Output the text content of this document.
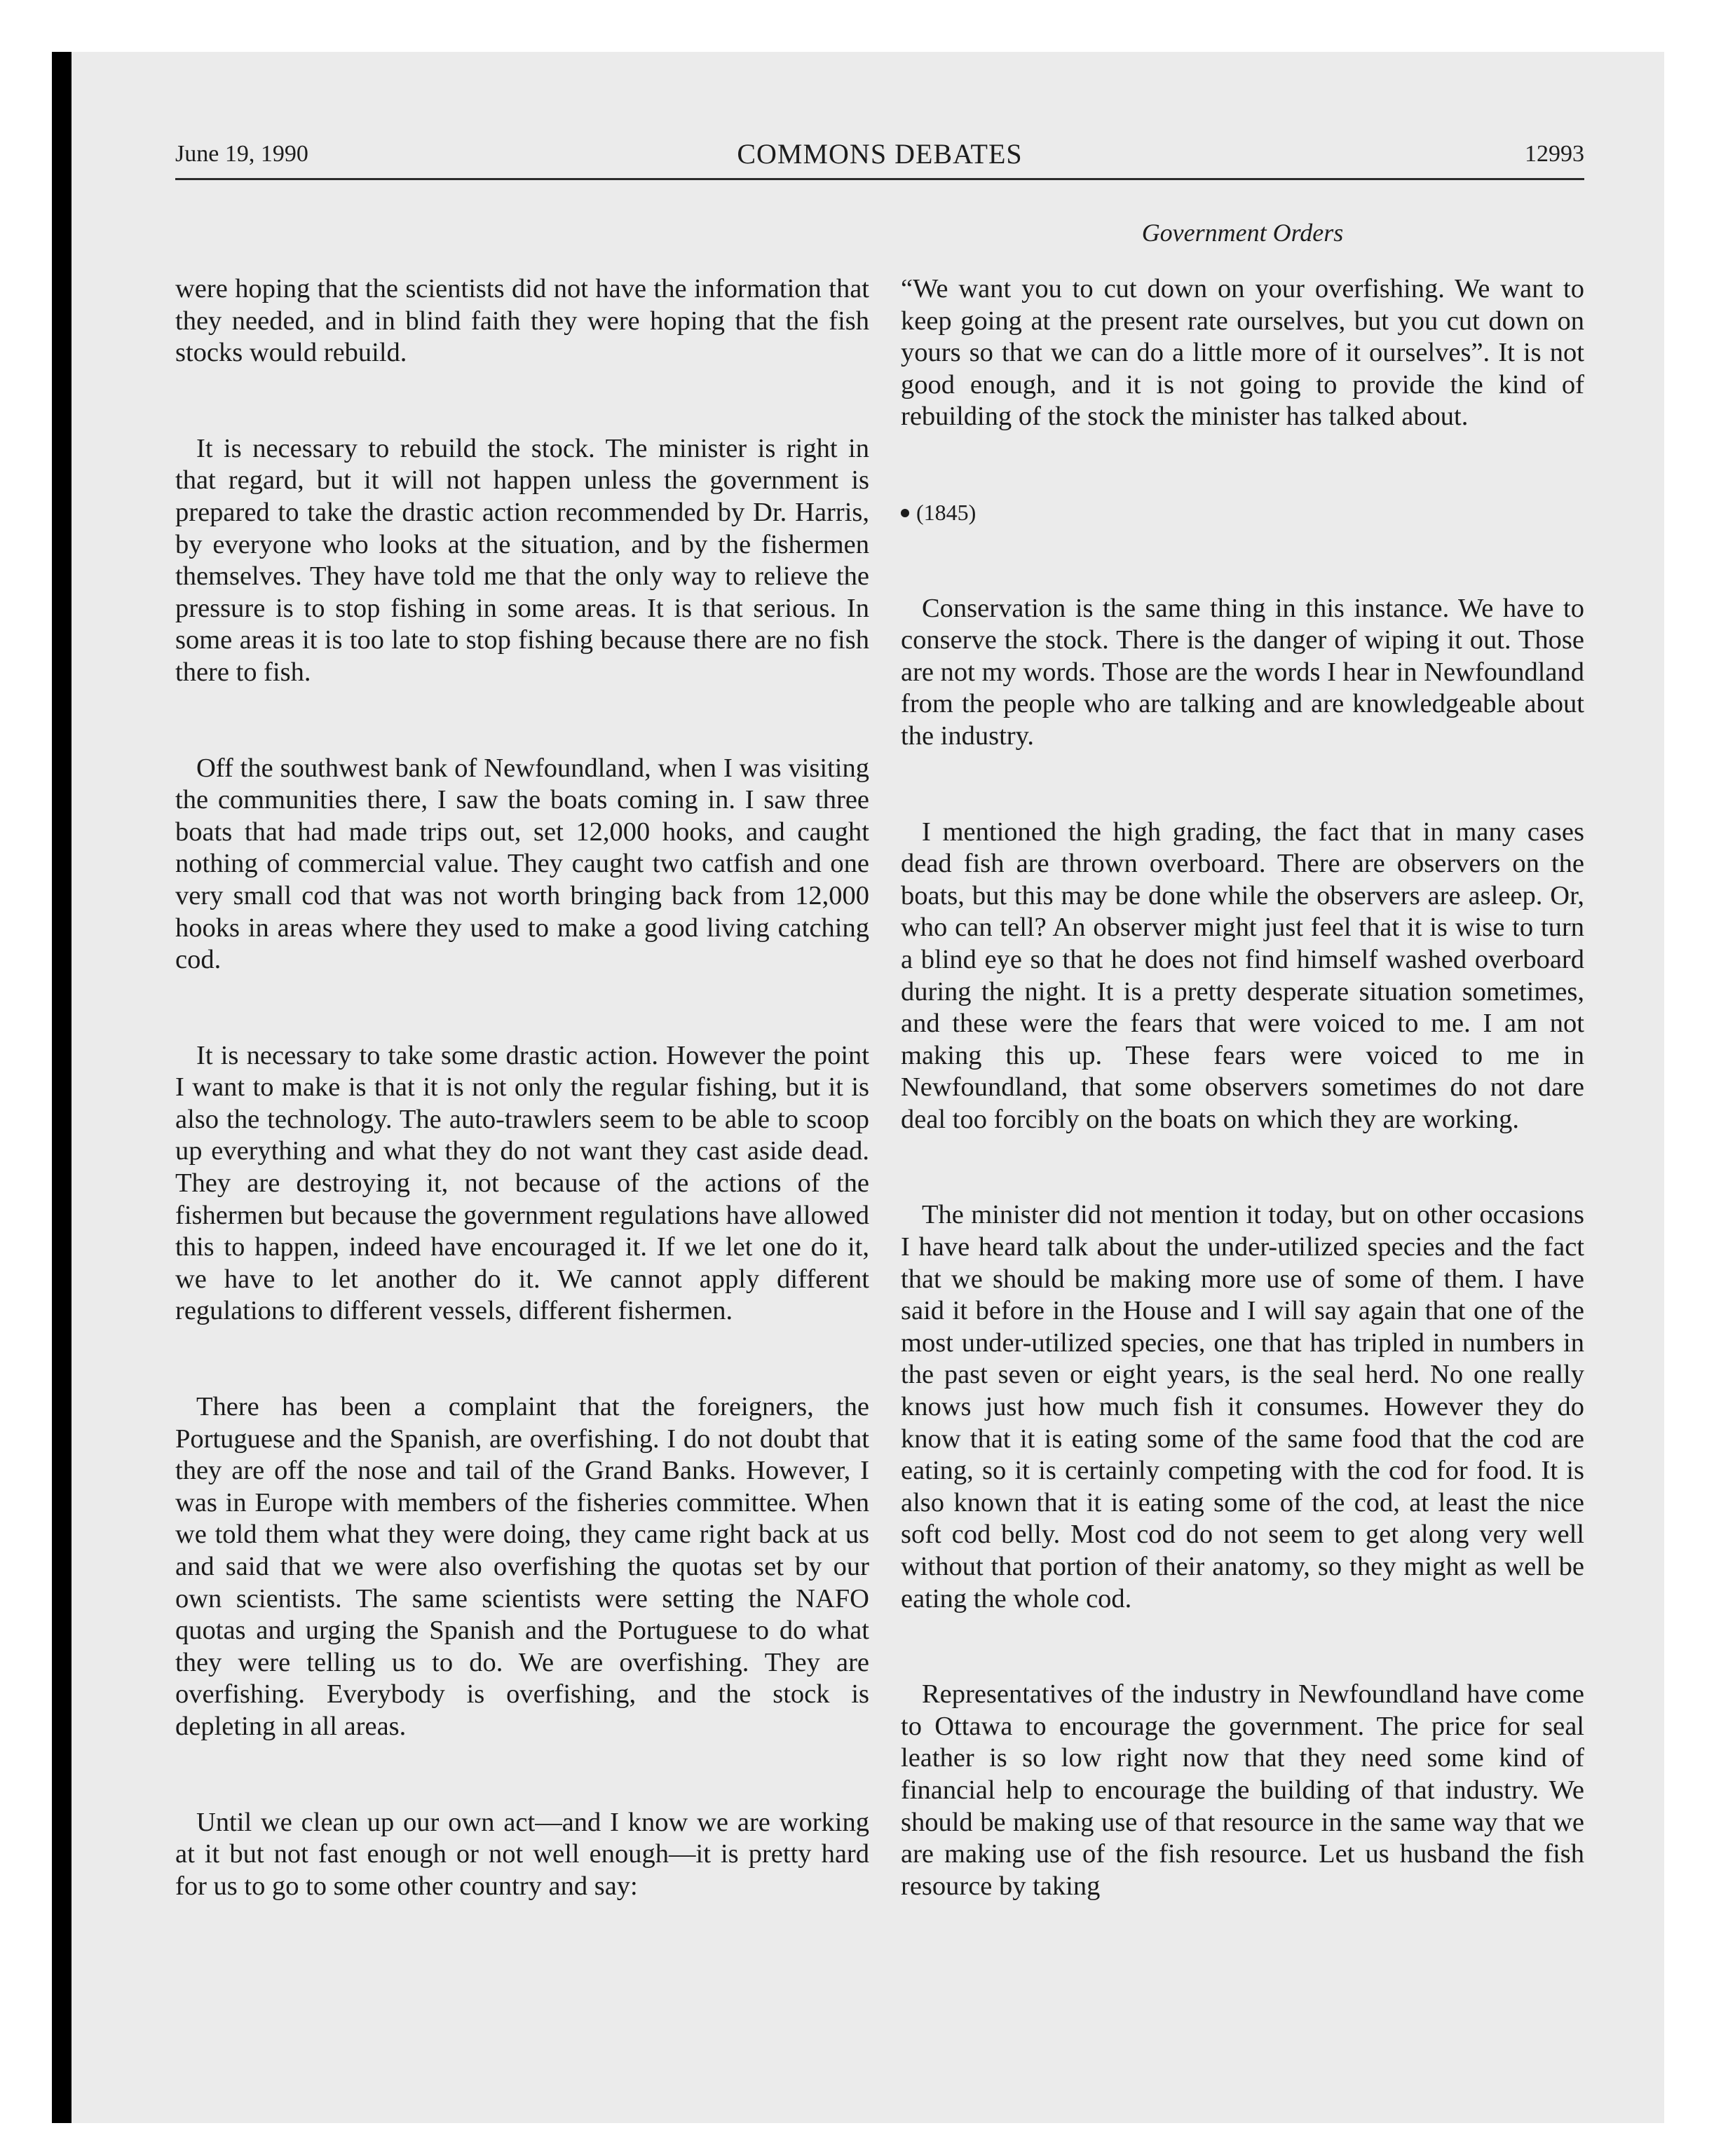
June 19, 1990	COMMONS DEBATES	12993
Government Orders

were hoping that the scientists did not have the information that they needed, and in blind faith they were hoping that the fish stocks would rebuild.

It is necessary to rebuild the stock. The minister is right in that regard, but it will not happen unless the government is prepared to take the drastic action recommended by Dr. Harris, by everyone who looks at the situation, and by the fishermen themselves. They have told me that the only way to relieve the pressure is to stop fishing in some areas. It is that serious. In some areas it is too late to stop fishing because there are no fish there to fish.

Off the southwest bank of Newfoundland, when I was visiting the communities there, I saw the boats coming in. I saw three boats that had made trips out, set 12,000 hooks, and caught nothing of commercial value. They caught two catfish and one very small cod that was not worth bringing back from 12,000 hooks in areas where they used to make a good living catching cod.

It is necessary to take some drastic action. However the point I want to make is that it is not only the regular fishing, but it is also the technology. The auto-trawlers seem to be able to scoop up everything and what they do not want they cast aside dead. They are destroying it, not because of the actions of the fishermen but because the government regulations have allowed this to happen, indeed have encouraged it. If we let one do it, we have to let another do it. We cannot apply different regulations to different vessels, different fishermen.

There has been a complaint that the foreigners, the Portuguese and the Spanish, are overfishing. I do not doubt that they are off the nose and tail of the Grand Banks. However, I was in Europe with members of the fisheries committee. When we told them what they were doing, they came right back at us and said that we were also overfishing the quotas set by our own scientists. The same scientists were setting the NAFO quotas and urging the Spanish and the Portuguese to do what they were telling us to do. We are overfishing. They are overfishing. Everybody is overfishing, and the stock is depleting in all areas.

Until we clean up our own act—and I know we are working at it but not fast enough or not well enough—it is pretty hard for us to go to some other country and say:

“We want you to cut down on your overfishing. We want to keep going at the present rate ourselves, but you cut down on yours so that we can do a little more of it ourselves”. It is not good enough, and it is not going to provide the kind of rebuilding of the stock the minister has talked about.

(1845)

Conservation is the same thing in this instance. We have to conserve the stock. There is the danger of wiping it out. Those are not my words. Those are the words I hear in Newfoundland from the people who are talking and are knowledgeable about the industry.

I mentioned the high grading, the fact that in many cases dead fish are thrown overboard. There are observers on the boats, but this may be done while the observers are asleep. Or, who can tell? An observer might just feel that it is wise to turn a blind eye so that he does not find himself washed overboard during the night. It is a pretty desperate situation sometimes, and these were the fears that were voiced to me. I am not making this up. These fears were voiced to me in Newfoundland, that some observers sometimes do not dare deal too forcibly on the boats on which they are working.

The minister did not mention it today, but on other occasions I have heard talk about the under-utilized species and the fact that we should be making more use of some of them. I have said it before in the House and I will say again that one of the most under-utilized species, one that has tripled in numbers in the past seven or eight years, is the seal herd. No one really knows just how much fish it consumes. However they do know that it is eating some of the same food that the cod are eating, so it is certainly competing with the cod for food. It is also known that it is eating some of the cod, at least the nice soft cod belly. Most cod do not seem to get along very well without that portion of their anatomy, so they might as well be eating the whole cod.

Representatives of the industry in Newfoundland have come to Ottawa to encourage the government. The price for seal leather is so low right now that they need some kind of financial help to encourage the building of that industry. We should be making use of that resource in the same way that we are making use of the fish resource. Let us husband the fish resource by taking
